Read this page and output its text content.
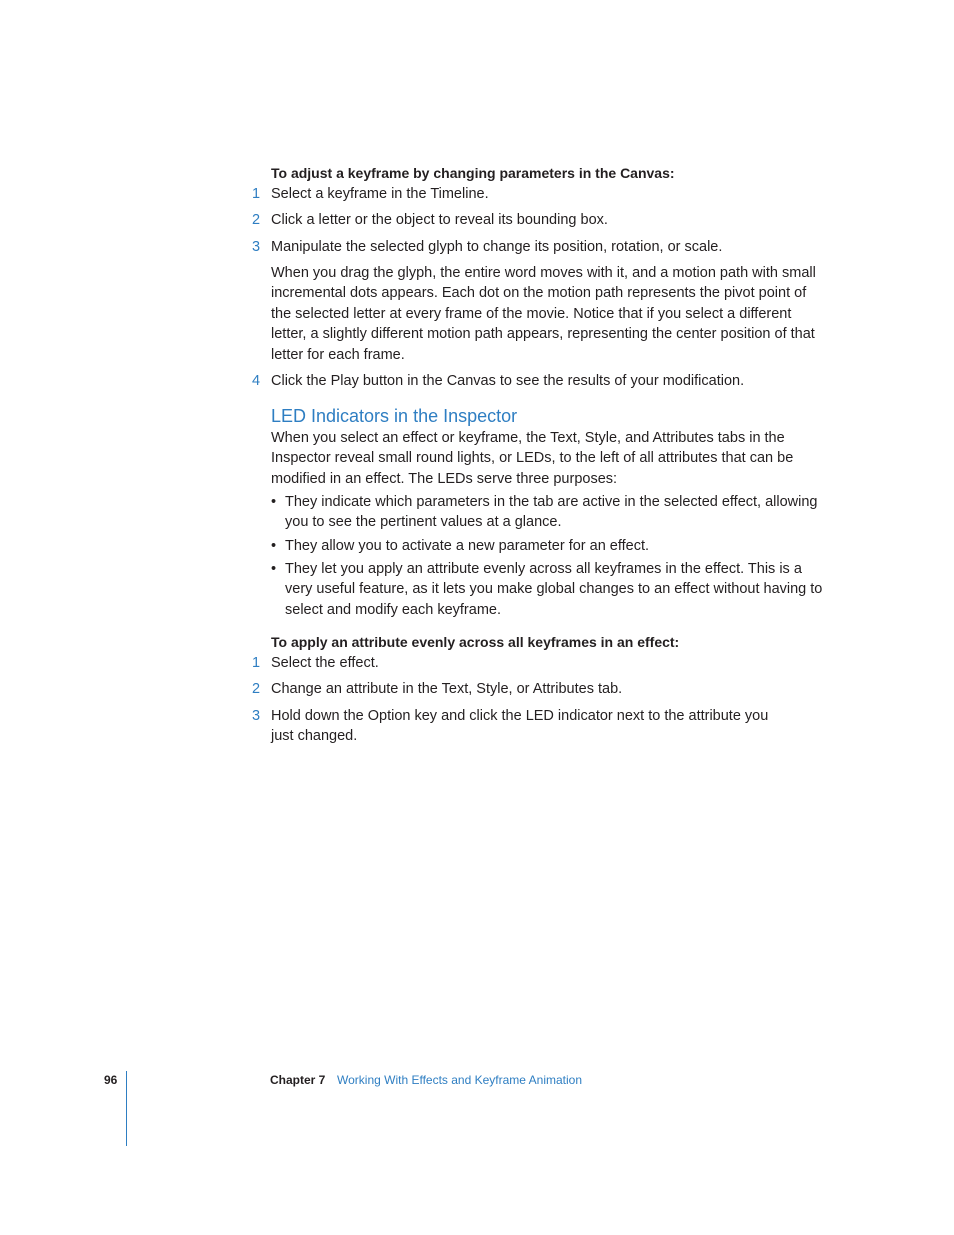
To adjust a keyframe by changing parameters in the Canvas:
1 Select a keyframe in the Timeline.
2 Click a letter or the object to reveal its bounding box.
3 Manipulate the selected glyph to change its position, rotation, or scale.
When you drag the glyph, the entire word moves with it, and a motion path with small incremental dots appears. Each dot on the motion path represents the pivot point of the selected letter at every frame of the movie. Notice that if you select a different letter, a slightly different motion path appears, representing the center position of that letter for each frame.
4 Click the Play button in the Canvas to see the results of your modification.
LED Indicators in the Inspector
When you select an effect or keyframe, the Text, Style, and Attributes tabs in the Inspector reveal small round lights, or LEDs, to the left of all attributes that can be modified in an effect. The LEDs serve three purposes:
• They indicate which parameters in the tab are active in the selected effect, allowing you to see the pertinent values at a glance.
• They allow you to activate a new parameter for an effect.
• They let you apply an attribute evenly across all keyframes in the effect. This is a very useful feature, as it lets you make global changes to an effect without having to select and modify each keyframe.
To apply an attribute evenly across all keyframes in an effect:
1 Select the effect.
2 Change an attribute in the Text, Style, or Attributes tab.
3 Hold down the Option key and click the LED indicator next to the attribute you just changed.
96	Chapter 7 Working With Effects and Keyframe Animation
